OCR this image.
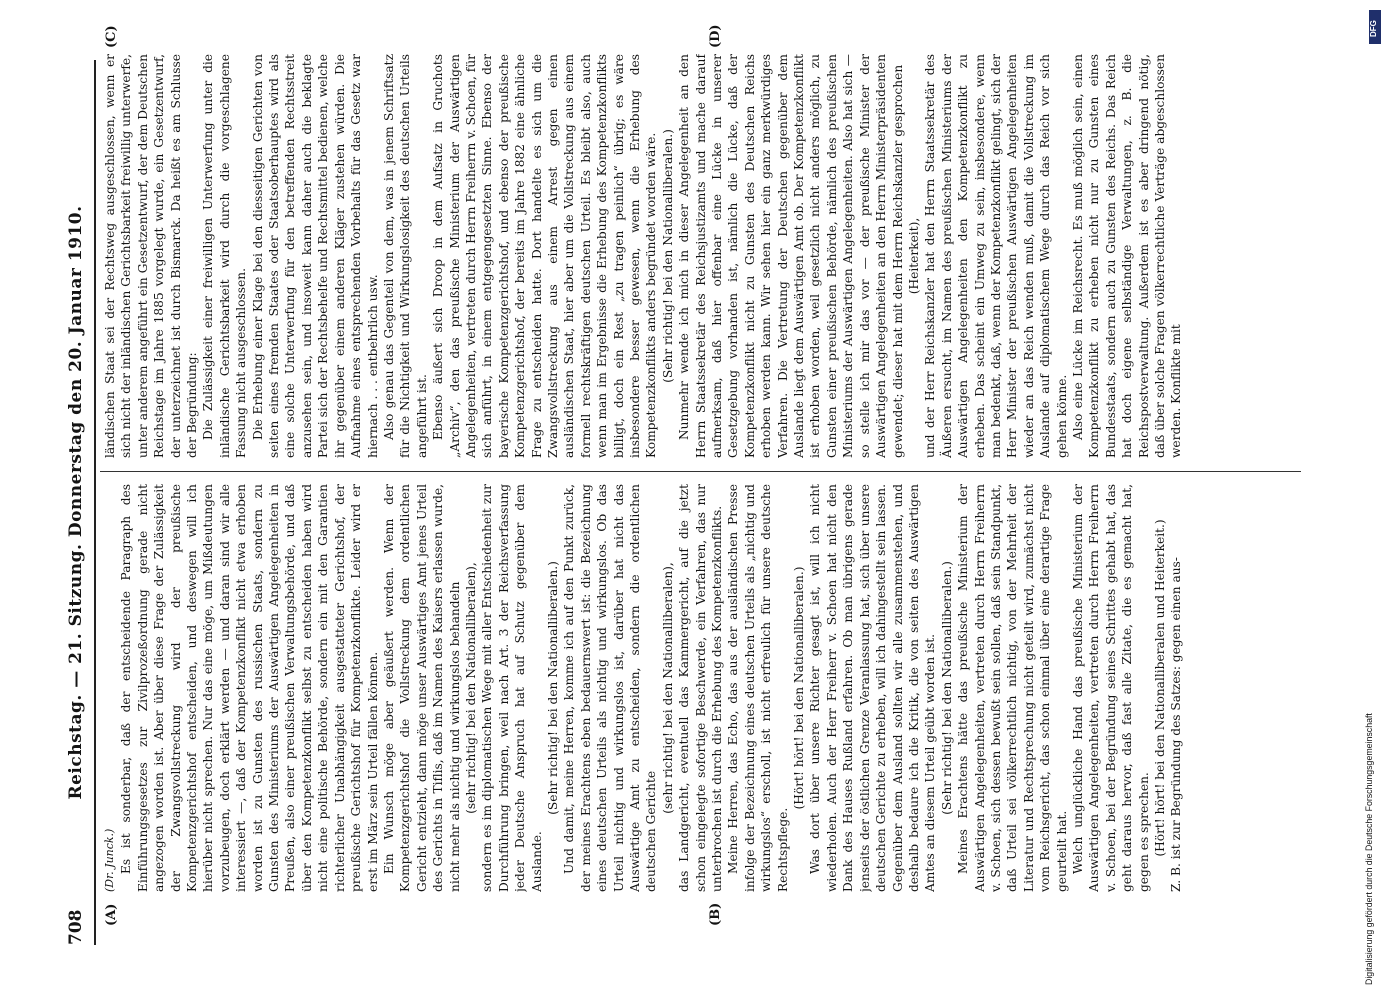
708
Reichstag. — 21. Sitzung. Donnerstag den 20. Januar 1910.
(A)	(B)
(C)	(D)

(Dr. Junck.) Es ist sonderbar, daß der entscheidende Paragraph des Einführungsgesetzes zur Zivilprozeßordnung gerade nicht angezogen worden ist. Aber über diese Frage der Zulässigkeit der Zwangsvollstreckung wird der preußische Kompetenzgerichtshof entscheiden, und deswegen will ich hierüber nicht sprechen. Nur das eine möge, um Mißdeutungen vorzubeugen, doch erklärt werden — und daran sind wir alle interessiert —, daß der Kompetenzkonflikt nicht etwa erhoben worden ist zu Gunsten des russischen Staats, sondern zu Gunsten des Ministeriums der Auswärtigen Angelegenheiten in Preußen, also einer preußischen Verwaltungsbehörde, und daß über den Kompetenzkonflikt selbst zu entscheiden haben wird nicht eine politische Behörde, sondern ein mit den Garantien richterlicher Unabhängigkeit ausgestatteter Gerichtshof, der preußische Gerichtshof für Kompetenzkonflikte. Leider wird er erst im März sein Urteil fällen können. Ein Wunsch möge aber geäußert werden. Wenn der Kompetenzgerichtshof die Vollstreckung dem ordentlichen Gericht entzieht, dann möge unser Auswärtiges Amt jenes Urteil des Gerichts in Tiflis, daß im Namen des Kaisers erlassen wurde, nicht mehr als nichtig und wirkungslos behandeln (sehr richtig! bei den Nationalliberalen), sondern es im diplomatischen Wege mit aller Entschiedenheit zur Durchführung bringen, weil nach Art. 3 der Reichsverfassung jeder Deutsche Anspruch hat auf Schutz gegenüber dem Auslande.

(Sehr richtig! bei den Nationalliberalen.) Und damit, meine Herren, komme ich auf den Punkt zurück, der meines Erachtens eben bedauernswert ist: die Bezeichnung eines deutschen Urteils als nichtig und wirkungslos. Ob das Urteil nichtig und wirkungslos ist, darüber hat nicht das Auswärtige Amt zu entscheiden, sondern die ordentlichen deutschen Gerichte

(sehr richtig! bei den Nationalliberalen), das Landgericht, eventuell das Kammergericht, auf die jetzt schon eingelegte sofortige Beschwerde, ein Verfahren, das nur unterbrochen ist durch die Erhebung des Kompetenzkonflikts. Meine Herren, das Echo, das aus der ausländischen Presse infolge der Bezeichnung eines deutschen Urteils als „nichtig und wirkungslos“ erscholl, ist nicht erfreulich für unsere deutsche Rechtspflege.

(Hört! hört! bei den Nationalliberalen.) Was dort über unsere Richter gesagt ist, will ich nicht wiederholen. Auch der Herr Freiherr v. Schoen hat nicht den Dank des Hauses Rußland erfahren. Ob man übrigens gerade jenseits der östlichen Grenze Veranlassung hat, sich über unsere deutschen Gerichte zu erheben, will ich dahingestellt sein lassen. Gegenüber dem Ausland sollten wir alle zusammenstehen, und deshalb bedaure ich die Kritik, die von seiten des Auswärtigen Amtes an diesem Urteil geübt worden ist. (Sehr richtig! bei den Nationalliberalen.) Meines Erachtens hätte das preußische Ministerium der Auswärtigen Angelegenheiten, vertreten durch Herrn Freiherrn v. Schoen, sich dessen bewußt sein sollen, daß sein Standpunkt, daß Urteil sei völkerrechtlich nichtig, von der Mehrheit der Literatur und Rechtsprechung nicht geteilt wird, zumächst nicht vom Reichsgericht, das schon einmal über eine derartige Frage geurteilt hat. Welch unglückliche Hand das preußische Ministerium der Auswärtigen Angelegenheiten, vertreten durch Herrn Freiherrn v. Schoen, bei der Begründung seines Schrittes gehabt hat, das geht daraus hervor, daß fast alle Zitate, die es gemacht hat, gegen es sprechen. (Hört! hört! bei den Nationalliberalen und Heiterkeit.) Z. B. ist zur Begründung des Satzes: gegen einen aus-

ländischen Staat sei der Rechtsweg ausgeschlossen, wenn er sich nicht der inländischen Gerichtsbarkeit freiwillig unterwerfe, unter anderem angeführt ein Gesetzentwurf, der dem Deutschen Reichstage im Jahre 1885 vorgelegt wurde, ein Gesetzentwurf, der unterzeichnet ist durch Bismarck. Da heißt es am Schlusse der Begründung: Die Zulässigkeit einer freiwilligen Unterwerfung unter die inländische Gerichtsbarkeit wird durch die vorgeschlagene Fassung nicht ausgeschlossen. Die Erhebung einer Klage bei den diesseitigen Gerichten von seiten eines fremden Staates oder Staatsoberhauptes wird als eine solche Unterwerfung für den betreffenden Rechtsstreit anzusehen sein, und insoweit kann daher auch die beklagte Partei sich der Rechtsbehelfe und Rechtsmittel bedienen, welche ihr gegenüber einem anderen Kläger zustehen würden. Die Aufnahme eines entsprechenden Vorbehalts für das Gesetz war hiernach . . . entbehrlich usw. Also genau das Gegenteil von dem, was in jenem Schriftsatz für die Nichtigkeit und Wirkungslosigkeit des deutschen Urteils angeführt ist. Ebenso äußert sich Droop in dem Aufsatz in Gruchots „Archiv“, den das preußische Ministerium der Auswärtigen Angelegenheiten, vertreten durch Herrn Freiherrn v. Schoen, für sich anführt, in einem entgegengesetzten Sinne. Ebenso der bayerische Kompetenzgerichtshof, und ebenso der preußische Kompetenzgerichtshof, der bereits im Jahre 1882 eine ähnliche Frage zu entscheiden hatte. Dort handelte es sich um die Zwangsvollstreckung aus einem Arrest gegen einen ausländischen Staat, hier aber um die Vollstreckung aus einem formell rechtskräftigen deutschen Urteil. Es bleibt also, auch wenn man im Ergebnisse die Erhebung des Kompetenzkonflikts billigt, doch ein Rest „zu tragen peinlich“ übrig; es wäre insbesondere besser gewesen, wenn die Erhebung des Kompetenzkonflikts anders begründet worden wäre. (Sehr richtig! bei den Nationalliberalen.) Nunmehr wende ich mich in dieser Angelegenheit an den Herrn Staatssekretär des Reichsjustizamts und mache darauf aufmerksam, daß hier offenbar eine Lücke in unserer Gesetzgebung vorhanden ist, nämlich die Lücke, daß der Kompetenzkonflikt nicht zu Gunsten des Deutschen Reichs erhoben werden kann. Wir sehen hier ein ganz merkwürdiges Verfahren. Die Vertretung der Deutschen gegenüber dem Auslande liegt dem Auswärtigen Amt ob. Der Kompetenzkonflikt ist erhoben worden, weil gesetzlich nicht anders möglich, zu Gunsten einer preußischen Behörde, nämlich des preußischen Ministeriums der Auswärtigen Angelegenheiten. Also hat sich — so stelle ich mir das vor — der preußische Minister der Auswärtigen Angelegenheiten an den Herrn Ministerpräsidenten gewendet; dieser hat mit dem Herrn Reichskanzler gesprochen (Heiterkeit), und der Herr Reichskanzler hat den Herrn Staatssekretär des Äußeren ersucht, im Namen des preußischen Ministeriums der Auswärtigen Angelegenheiten den Kompetenzkonflikt zu erheben. Das scheint ein Umweg zu sein, insbesondere, wenn man bedenkt, daß, wenn der Kompetenzkonflikt gelingt, sich der Herr Minister der preußischen Auswärtigen Angelegenheiten wieder an das Reich wenden muß, damit die Vollstreckung im Auslande auf diplomatischem Wege durch das Reich vor sich gehen könne. Also eine Lücke im Reichsrecht. Es muß möglich sein, einen Kompetenzkonflikt zu erheben nicht nur zu Gunsten eines Bundesstaats, sondern auch zu Gunsten des Reichs. Das Reich hat doch eigene selbständige Verwaltungen, z. B. die Reichspostverwaltung. Außerdem ist es aber dringend nötig, daß über solche Fragen völkerrechtliche Verträge abgeschlossen werden. Konflikte mit

DFG
Digitalisierung gefördert durch die Deutsche Forschungsgemeinschaft
